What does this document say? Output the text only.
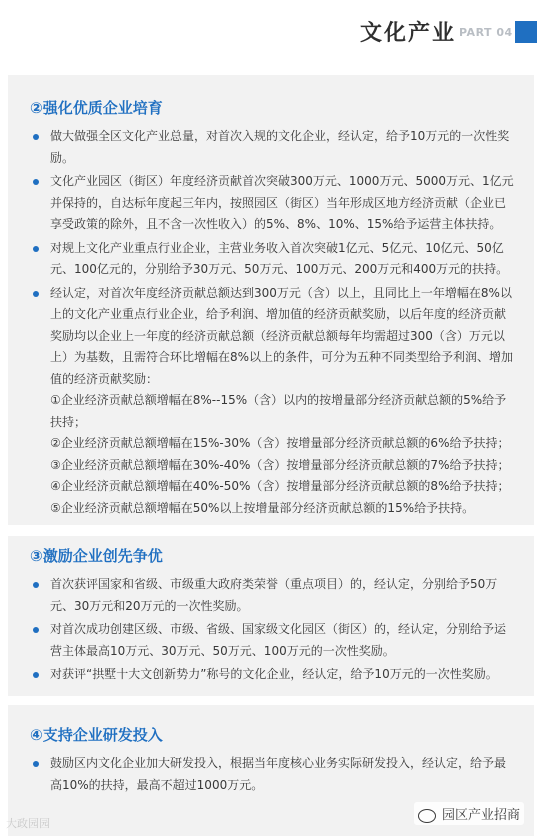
文化产业 PART 04
②强化优质企业培育
做大做强全区文化产业总量，对首次入规的文化企业，经认定，给予10万元的一次性奖励。
文化产业园区（街区）年度经济贡献首次突破300万元、1000万元、5000万元、1亿元并保持的，自达标年度起三年内，按照园区（街区）当年形成区地方经济贡献（企业已享受政策的除外，且不含一次性收入）的5%、8%、10%、15%给予运营主体扶持。
对规上文化产业重点行业企业，主营业务收入首次突破1亿元、5亿元、10亿元、50亿元、100亿元的，分别给予30万元、50万元、100万元、200万元和400万元的扶持。
经认定，对首次年度经济贡献总额达到300万元（含）以上，且同比上一年增幅在8%以上的文化产业重点行业企业，给予利润、增加值的经济贡献奖励，以后年度的经济贡献奖励均以企业上一年度的经济贡献总额（经济贡献总额每年均需超过300（含）万元以上）为基数，且需符合环比增幅在8%以上的条件，可分为五种不同类型给予利润、增加值的经济贡献奖励：
①企业经济贡献总额增幅在8%--15%（含）以内的按增量部分经济贡献总额的5%给予扶持；
②企业经济贡献总额增幅在15%-30%（含）按增量部分经济贡献总额的6%给予扶持；
③企业经济贡献总额增幅在30%-40%（含）按增量部分经济贡献总额的7%给予扶持；
④企业经济贡献总额增幅在40%-50%（含）按增量部分经济贡献总额的8%给予扶持；
⑤企业经济贡献总额增幅在50%以上按增量部分经济贡献总额的15%给予扶持。
③激励企业创先争优
首次获评国家和省级、市级重大政府类荣誉（重点项目）的，经认定，分别给予50万元、30万元和20万元的一次性奖励。
对首次成功创建区级、市级、省级、国家级文化园区（街区）的，经认定，分别给予运营主体最高10万元、30万元、50万元、100万元的一次性奖励。
对获评“拱墅十大文创新势力”称号的文化企业，经认定，给予10万元的一次性奖励。
④支持企业研发投入
鼓励区内文化企业加大研发投入，根据当年度核心业务实际研发投入，经认定，给予最高10%的扶持，最高不超过1000万元。
大政园园
园区产业招商
